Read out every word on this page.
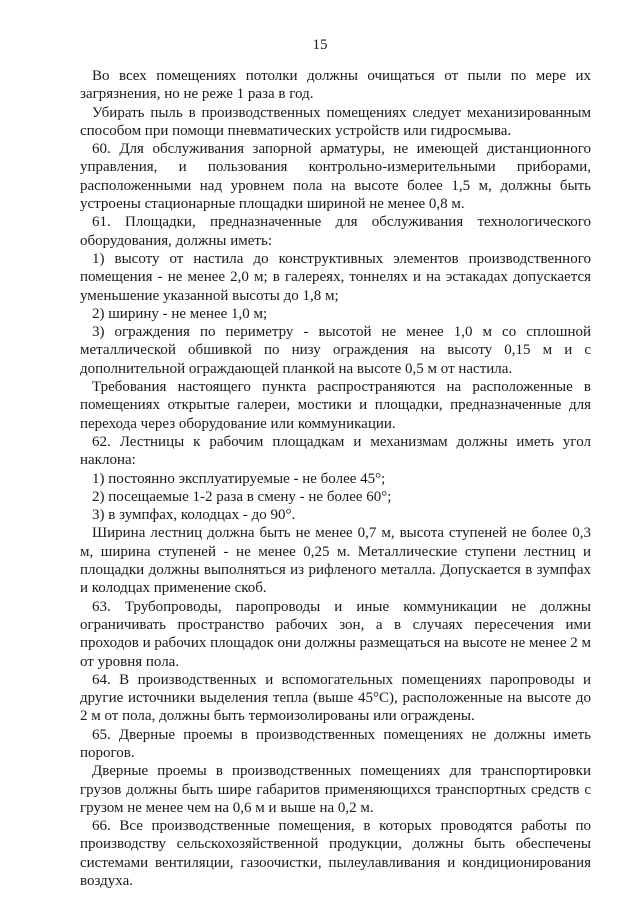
15

Во всех помещениях потолки должны очищаться от пыли по мере их загрязнения, но не реже 1 раза в год.

Убирать пыль в производственных помещениях следует механизированным способом при помощи пневматических устройств или гидросмыва.

60. Для обслуживания запорной арматуры, не имеющей дистанционного управления, и пользования контрольно-измерительными приборами, расположенными над уровнем пола на высоте более 1,5 м, должны быть устроены стационарные площадки шириной не менее 0,8 м.

61. Площадки, предназначенные для обслуживания технологического оборудования, должны иметь:

1) высоту от настила до конструктивных элементов производственного помещения - не менее 2,0 м; в галереях, тоннелях и на эстакадах допускается уменьшение указанной высоты до 1,8 м;

2) ширину - не менее 1,0 м;

3) ограждения по периметру - высотой не менее 1,0 м со сплошной металлической обшивкой по низу ограждения на высоту 0,15 м и с дополнительной ограждающей планкой на высоте 0,5 м от настила.

Требования настоящего пункта распространяются на расположенные в помещениях открытые галереи, мостики и площадки, предназначенные для перехода через оборудование или коммуникации.

62. Лестницы к рабочим площадкам и механизмам должны иметь угол наклона:

1) постоянно эксплуатируемые - не более 45°;

2) посещаемые 1-2 раза в смену - не более 60°;

3) в зумпфах, колодцах - до 90°.

Ширина лестниц должна быть не менее 0,7 м, высота ступеней не более 0,3 м, ширина ступеней - не менее 0,25 м. Металлические ступени лестниц и площадки должны выполняться из рифленого металла. Допускается в зумпфах и колодцах применение скоб.

63. Трубопроводы, паропроводы и иные коммуникации не должны ограничивать пространство рабочих зон, а в случаях пересечения ими проходов и рабочих площадок они должны размещаться на высоте не менее 2 м от уровня пола.

64. В производственных и вспомогательных помещениях паропроводы и другие источники выделения тепла (выше 45°С), расположенные на высоте до 2 м от пола, должны быть термоизолированы или ограждены.

65. Дверные проемы в производственных помещениях не должны иметь порогов.

Дверные проемы в производственных помещениях для транспортировки грузов должны быть шире габаритов применяющихся транспортных средств с грузом не менее чем на 0,6 м и выше на 0,2 м.

66. Все производственные помещения, в которых проводятся работы по производству сельскохозяйственной продукции, должны быть обеспечены системами вентиляции, газоочистки, пылеулавливания и кондиционирования воздуха.
